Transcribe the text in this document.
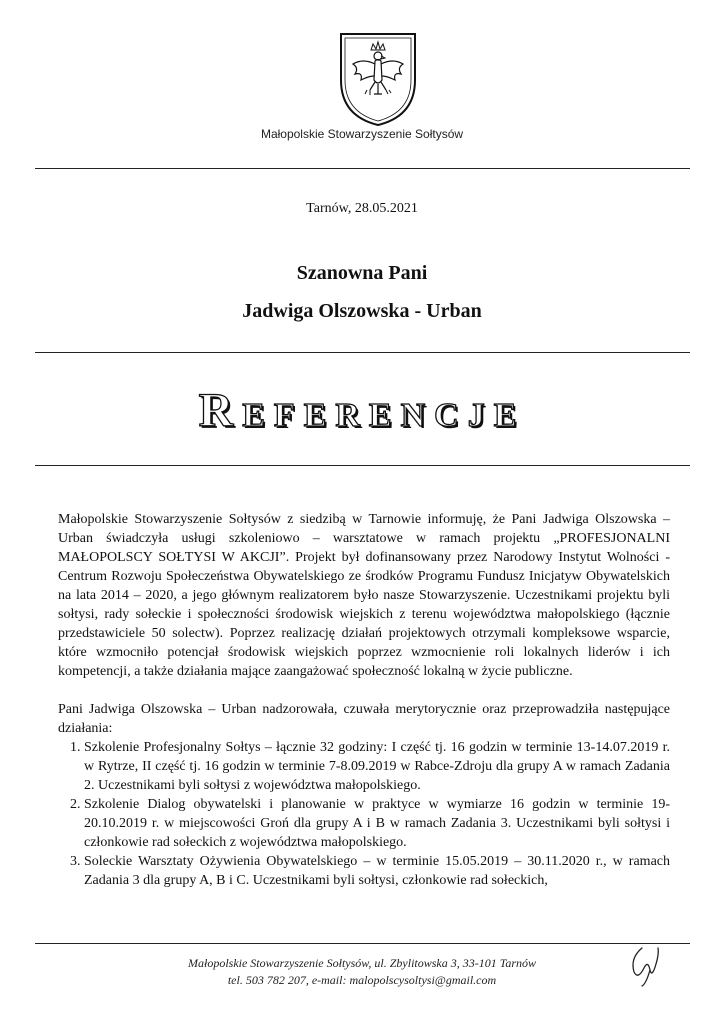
Małopolskie Stowarzyszenie Sołtysów
Tarnów, 28.05.2021
Szanowna Pani
Jadwiga Olszowska - Urban
Referencje

Małopolskie Stowarzyszenie Sołtysów z siedzibą w Tarnowie informuję, że Pani Jadwiga Olszowska – Urban świadczyła usługi szkoleniowo – warsztatowe w ramach projektu „PROFESJONALNI MAŁOPOLSCY SOŁTYSI W AKCJI”. Projekt był dofinansowany przez Narodowy Instytut Wolności - Centrum Rozwoju Społeczeństwa Obywatelskiego ze środków Programu Fundusz Inicjatyw Obywatelskich na lata 2014 – 2020, a jego głównym realizatorem było nasze Stowarzyszenie. Uczestnikami projektu byli sołtysi, rady sołeckie i społeczności środowisk wiejskich z terenu województwa małopolskiego (łącznie przedstawiciele 50 solectw). Poprzez realizację działań projektowych otrzymali kompleksowe wsparcie, które wzmocniło potencjał środowisk wiejskich poprzez wzmocnienie roli lokalnych liderów i ich kompetencji, a także działania mające zaangażować społeczność lokalną w życie publiczne.

Pani Jadwiga Olszowska – Urban nadzorowała, czuwała merytorycznie oraz przeprowadziła następujące działania:

1. Szkolenie Profesjonalny Sołtys – łącznie 32 godziny: I część tj. 16 godzin w terminie 13-14.07.2019 r. w Rytrze, II część tj. 16 godzin w terminie 7-8.09.2019 w Rabce-Zdroju dla grupy A w ramach Zadania 2. Uczestnikami byli sołtysi z województwa małopolskiego.
2. Szkolenie Dialog obywatelski i planowanie w praktyce w wymiarze 16 godzin w terminie 19-20.10.2019 r. w miejscowości Groń dla grupy A i B w ramach Zadania 3. Uczestnikami byli sołtysi i członkowie rad sołeckich z województwa małopolskiego.
3. Soleckie Warsztaty Ożywienia Obywatelskiego – w terminie 15.05.2019 – 30.11.2020 r., w ramach Zadania 3 dla grupy A, B i C. Uczestnikami byli sołtysi, członkowie rad sołeckich,
Małopolskie Stowarzyszenie Sołtysów, ul. Zbylitowska 3, 33-101 Tarnów
tel. 503 782 207, e-mail: malopolscysoltysi@gmail.com
